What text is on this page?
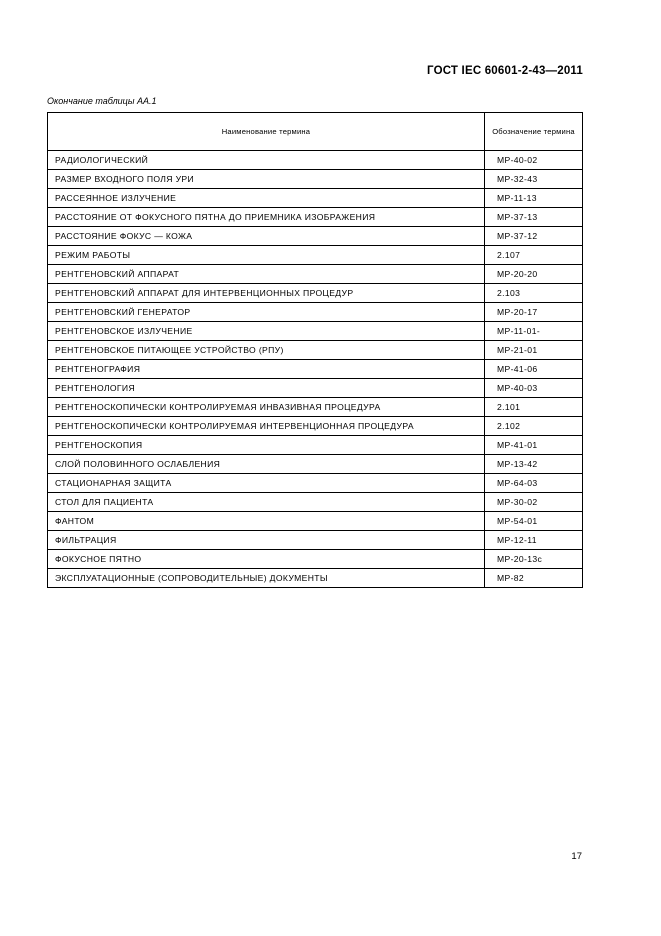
ГОСТ IEC 60601-2-43—2011
Окончание таблицы АА.1
Наименование термина	Обозначение термина
РАДИОЛОГИЧЕСКИЙ	МР-40-02
РАЗМЕР ВХОДНОГО ПОЛЯ УРИ	МР-32-43
РАССЕЯННОЕ ИЗЛУЧЕНИЕ	МР-11-13
РАССТОЯНИЕ ОТ ФОКУСНОГО ПЯТНА ДО ПРИЕМНИКА ИЗОБРАЖЕНИЯ	МР-37-13
РАССТОЯНИЕ ФОКУС — КОЖА	МР-37-12
РЕЖИМ РАБОТЫ	2.107
РЕНТГЕНОВСКИЙ АППАРАТ	МР-20-20
РЕНТГЕНОВСКИЙ АППАРАТ ДЛЯ ИНТЕРВЕНЦИОННЫХ ПРОЦЕДУР	2.103
РЕНТГЕНОВСКИЙ ГЕНЕРАТОР	МР-20-17
РЕНТГЕНОВСКОЕ ИЗЛУЧЕНИЕ	МР-11-01-
РЕНТГЕНОВСКОЕ ПИТАЮЩЕЕ УСТРОЙСТВО (РПУ)	МР-21-01
РЕНТГЕНОГРАФИЯ	МР-41-06
РЕНТГЕНОЛОГИЯ	МР-40-03
РЕНТГЕНОСКОПИЧЕСКИ КОНТРОЛИРУЕМАЯ ИНВАЗИВНАЯ ПРОЦЕДУРА	2.101
РЕНТГЕНОСКОПИЧЕСКИ КОНТРОЛИРУЕМАЯ ИНТЕРВЕНЦИОННАЯ ПРОЦЕДУРА	2.102
РЕНТГЕНОСКОПИЯ	МР-41-01
СЛОЙ ПОЛОВИННОГО ОСЛАБЛЕНИЯ	МР-13-42
СТАЦИОНАРНАЯ ЗАЩИТА	МР-64-03
СТОЛ ДЛЯ ПАЦИЕНТА	МР-30-02
ФАНТОМ	МР-54-01
ФИЛЬТРАЦИЯ	МР-12-11
ФОКУСНОЕ ПЯТНО	МР-20-13с
ЭКСПЛУАТАЦИОННЫЕ (СОПРОВОДИТЕЛЬНЫЕ) ДОКУМЕНТЫ	МР-82
17
